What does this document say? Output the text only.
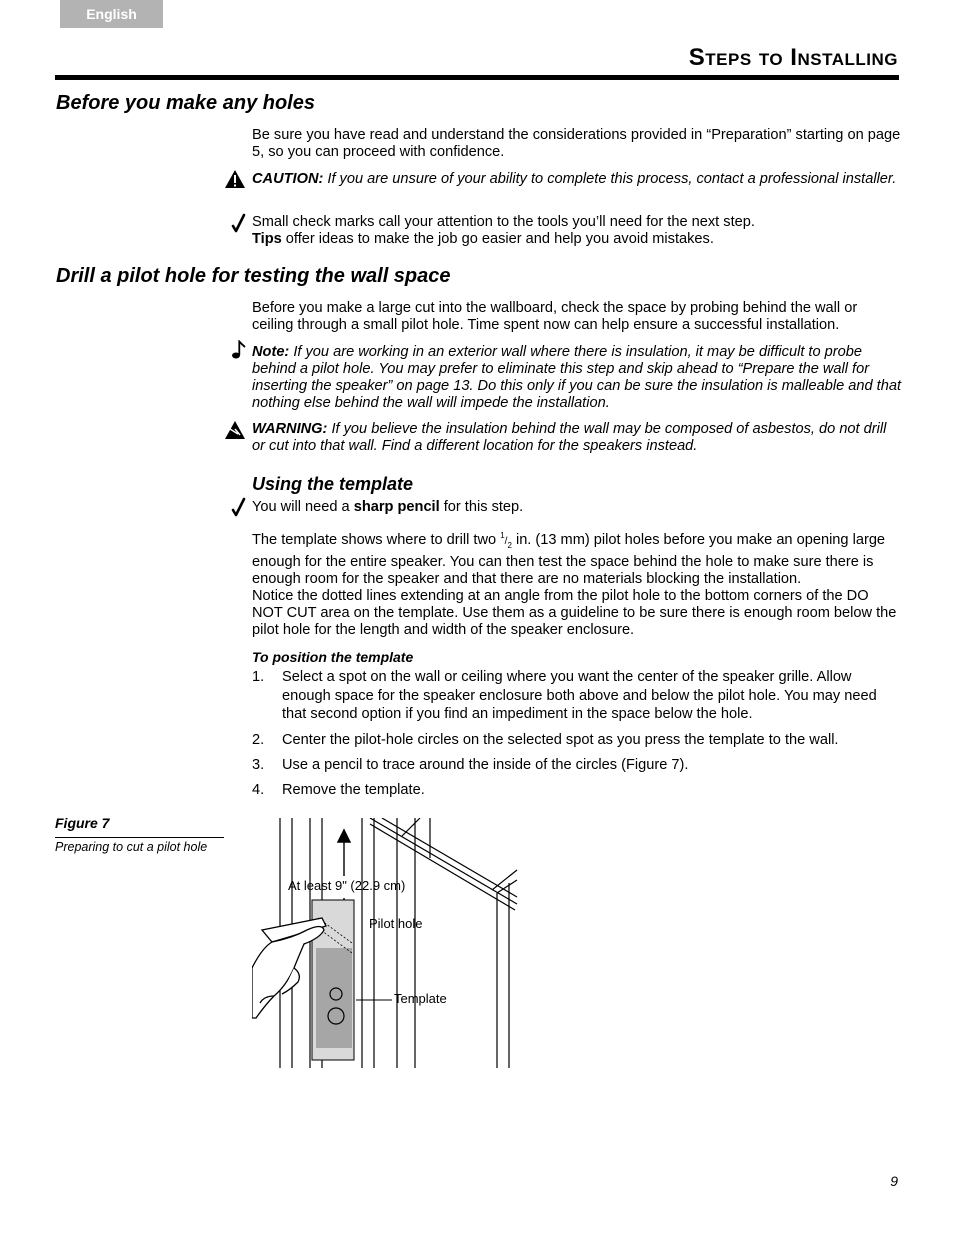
English
Steps to Installing
Before you make any holes

Be sure you have read and understand the considerations provided in “Preparation” starting on page 5, so you can proceed with confidence.

CAUTION: If you are unsure of your ability to complete this process, contact a professional installer.

Small check marks call your attention to the tools you’ll need for the next step.
Tips offer ideas to make the job go easier and help you avoid mistakes.

Drill a pilot hole for testing the wall space

Before you make a large cut into the wallboard, check the space by probing behind the wall or ceiling through a small pilot hole. Time spent now can help ensure a successful installation.

Note: If you are working in an exterior wall where there is insulation, it may be difficult to probe behind a pilot hole. You may prefer to eliminate this step and skip ahead to “Prepare the wall for inserting the speaker” on page 13. Do this only if you can be sure the insulation is malleable and that nothing else behind the wall will impede the installation.

WARNING: If you believe the insulation behind the wall may be composed of asbestos, do not drill or cut into that wall. Find a different location for the speakers instead.

Using the template

You will need a sharp pencil for this step.

The template shows where to drill two $^1/_2$ in. (13 mm) pilot holes before you make an opening large enough for the entire speaker. You can then test the space behind the hole to make sure there is enough room for the speaker and that there are no materials blocking the installation.

Notice the dotted lines extending at an angle from the pilot hole to the bottom corners of the DO NOT CUT area on the template. Use them as a guideline to be sure there is enough room below the pilot hole for the length and width of the speaker enclosure.

To position the template
1. Select a spot on the wall or ceiling where you want the center of the speaker grille. Allow enough space for the speaker enclosure both above and below the pilot hole. You may need that second option if you find an impediment in the space below the hole.
2. Center the pilot-hole circles on the selected spot as you press the template to the wall.
3. Use a pencil to trace around the inside of the circles (Figure 7).
4. Remove the template.
Figure 7
Preparing to cut a pilot hole
At least 9" (22.9 cm)
Pilot hole
Template
9
